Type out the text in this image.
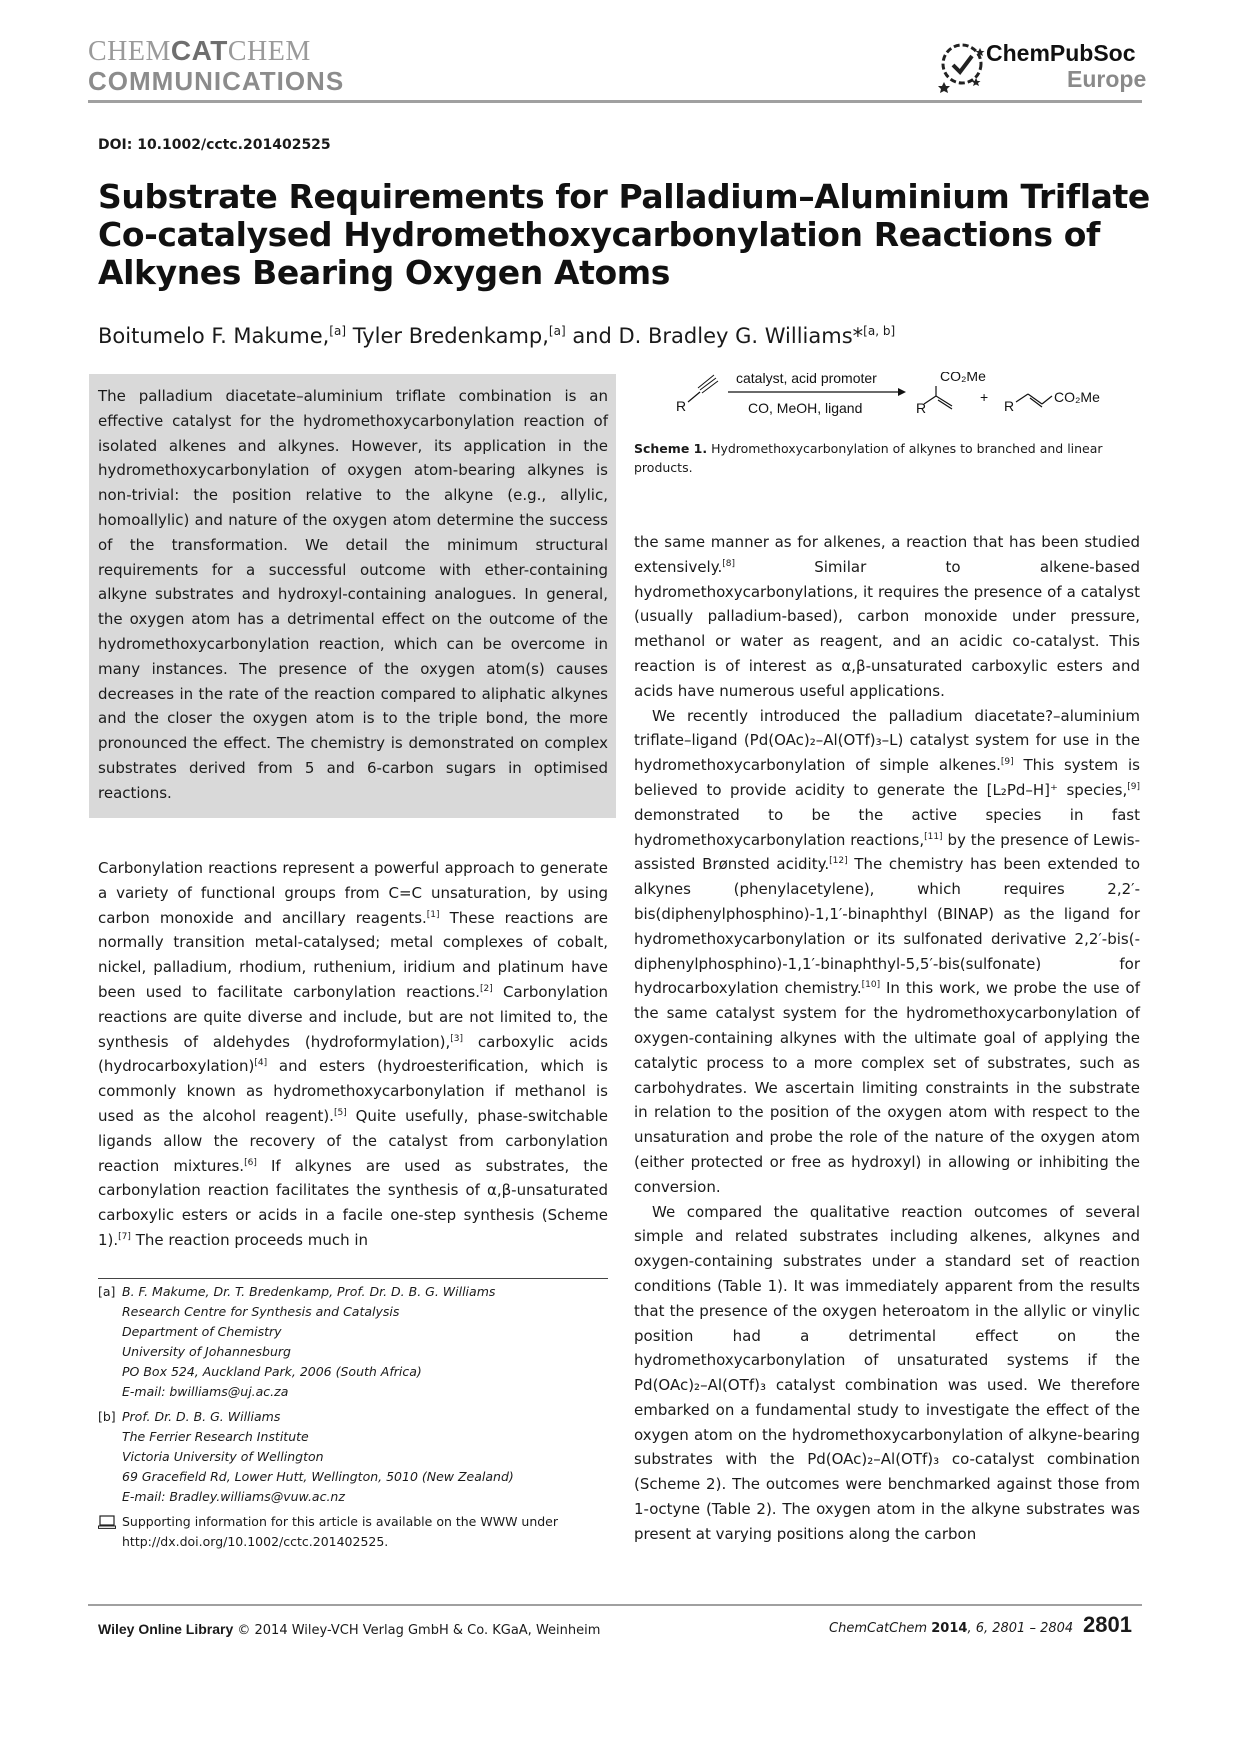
CHEMCATCHEM
COMMUNICATIONS
ChemPubSoc
Europe
DOI: 10.1002/cctc.201402525
Substrate Requirements for Palladium–Aluminium Triflate
Co-catalysed Hydromethoxycarbonylation Reactions of
Alkynes Bearing Oxygen Atoms
Boitumelo F. Makume,[a] Tyler Bredenkamp,[a] and D. Bradley G. Williams*[a, b]
The palladium diacetate–aluminium triflate combination is an effective catalyst for the hydromethoxycarbonylation reaction of isolated alkenes and alkynes. However, its application in the hydromethoxycarbonylation of oxygen atom-bearing alkynes is non-trivial: the position relative to the alkyne (e.g., allylic, homoallylic) and nature of the oxygen atom determine the success of the transformation. We detail the minimum structural requirements for a successful outcome with ether-containing alkyne substrates and hydroxyl-containing analogues. In general, the oxygen atom has a detrimental effect on the outcome of the hydromethoxycarbonylation reaction, which can be overcome in many instances. The presence of the oxygen atom(s) causes decreases in the rate of the reaction compared to aliphatic alkynes and the closer the oxygen atom is to the triple bond, the more pronounced the effect. The chemistry is demonstrated on complex substrates derived from 5 and 6-carbon sugars in optimised reactions.
R
catalyst, acid promoter
CO, MeOH, ligand
CO₂Me
R
+
R
CO₂Me
Scheme 1. Hydromethoxycarbonylation of alkynes to branched and linear products.

Carbonylation reactions represent a powerful approach to generate a variety of functional groups from C=C unsaturation, by using carbon monoxide and ancillary reagents.[1] These reactions are normally transition metal-catalysed; metal complexes of cobalt, nickel, palladium, rhodium, ruthenium, iridium and platinum have been used to facilitate carbonylation reactions.[2] Carbonylation reactions are quite diverse and include, but are not limited to, the synthesis of aldehydes (hydroformylation),[3] carboxylic acids (hydrocarboxylation)[4] and esters (hydroesterification, which is commonly known as hydromethoxycarbonylation if methanol is used as the alcohol reagent).[5] Quite usefully, phase-switchable ligands allow the recovery of the catalyst from carbonylation reaction mixtures.[6] If alkynes are used as substrates, the carbonylation reaction facilitates the synthesis of α,β-unsaturated carboxylic esters or acids in a facile one-step synthesis (Scheme 1).[7] The reaction proceeds much in

the same manner as for alkenes, a reaction that has been studied extensively.[8] Similar to alkene-based hydromethoxycarbonylations, it requires the presence of a catalyst (usually palladium-based), carbon monoxide under pressure, methanol or water as reagent, and an acidic co-catalyst. This reaction is of interest as α,β-unsaturated carboxylic esters and acids have numerous useful applications.

We recently introduced the palladium diacetate?–aluminium triflate–ligand (Pd(OAc)₂–Al(OTf)₃–L) catalyst system for use in the hydromethoxycarbonylation of simple alkenes.[9] This system is believed to provide acidity to generate the [L₂Pd–H]⁺ species,[9] demonstrated to be the active species in fast hydromethoxycarbonylation reactions,[11] by the presence of Lewis-assisted Brønsted acidity.[12] The chemistry has been extended to alkynes (phenylacetylene), which requires 2,2′-bis(diphenylphosphino)-1,1′-binaphthyl (BINAP) as the ligand for hydromethoxycarbonylation or its sulfonated derivative 2,2′-bis(-diphenylphosphino)-1,1′-binaphthyl-5,5′-bis(sulfonate) for hydrocarboxylation chemistry.[10] In this work, we probe the use of the same catalyst system for the hydromethoxycarbonylation of oxygen-containing alkynes with the ultimate goal of applying the catalytic process to a more complex set of substrates, such as carbohydrates. We ascertain limiting constraints in the substrate in relation to the position of the oxygen atom with respect to the unsaturation and probe the role of the nature of the oxygen atom (either protected or free as hydroxyl) in allowing or inhibiting the conversion.

We compared the qualitative reaction outcomes of several simple and related substrates including alkenes, alkynes and oxygen-containing substrates under a standard set of reaction conditions (Table 1). It was immediately apparent from the results that the presence of the oxygen heteroatom in the allylic or vinylic position had a detrimental effect on the hydromethoxycarbonylation of unsaturated systems if the Pd(OAc)₂–Al(OTf)₃ catalyst combination was used. We therefore embarked on a fundamental study to investigate the effect of the oxygen atom on the hydromethoxycarbonylation of alkyne-bearing substrates with the Pd(OAc)₂–Al(OTf)₃ co-catalyst combination (Scheme 2). The outcomes were benchmarked against those from 1-octyne (Table 2). The oxygen atom in the alkyne substrates was present at varying positions along the carbon

[a] B. F. Makume, Dr. T. Bredenkamp, Prof. Dr. D. B. G. Williams
Research Centre for Synthesis and Catalysis
Department of Chemistry
University of Johannesburg
PO Box 524, Auckland Park, 2006 (South Africa)
E-mail: bwilliams@uj.ac.za
[b] Prof. Dr. D. B. G. Williams
The Ferrier Research Institute
Victoria University of Wellington
69 Gracefield Rd, Lower Hutt, Wellington, 5010 (New Zealand)
E-mail: Bradley.williams@vuw.ac.nz
Supporting information for this article is available on the WWW under
http://dx.doi.org/10.1002/cctc.201402525.
Wiley Online Library © 2014 Wiley-VCH Verlag GmbH & Co. KGaA, Weinheim	ChemCatChem 2014, 6, 2801 – 2804 2801
